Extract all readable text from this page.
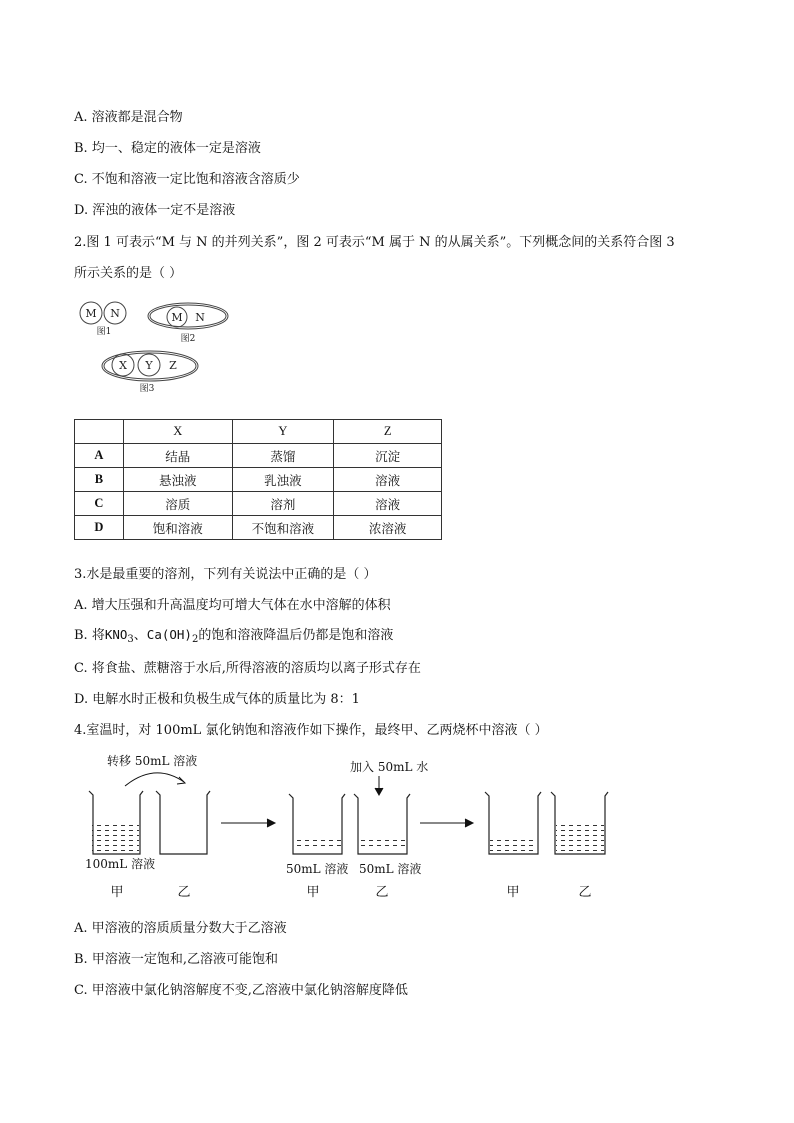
A. 溶液都是混合物
B. 均一、稳定的液体一定是溶液
C. 不饱和溶液一定比饱和溶液含溶质少
D. 浑浊的液体一定不是溶液
2.图 1 可表示“M 与 N 的并列关系”，图 2 可表示“M 属于 N 的从属关系”。下列概念间的关系符合图 3
所示关系的是（ ）
M N
图1
M N
图2
X Y Z
图3
	X	Y	Z
A	结晶	蒸馏	沉淀
B	悬浊液	乳浊液	溶液
C	溶质	溶剂	溶液
D	饱和溶液	不饱和溶液	浓溶液
3.水是最重要的溶剂，下列有关说法中正确的是（ ）
A. 增大压强和升高温度均可增大气体在水中溶解的体积
B. 将$KNO_3$、$Ca(OH)_2$的饱和溶液降温后仍都是饱和溶液
C. 将食盐、蔗糖溶于水后,所得溶液的溶质均以离子形式存在
D. 电解水时正极和负极生成气体的质量比为 8：1
4.室温时，对 100mL 氯化钠饱和溶液作如下操作，最终甲、乙两烧杯中溶液（ ）
转移 50mL 溶液	加入 50mL 水
100mL 溶液	50mL 溶液 50mL 溶液
甲	乙	甲	乙	甲	乙
A. 甲溶液的溶质质量分数大于乙溶液
B. 甲溶液一定饱和,乙溶液可能饱和
C. 甲溶液中氯化钠溶解度不变,乙溶液中氯化钠溶解度降低
